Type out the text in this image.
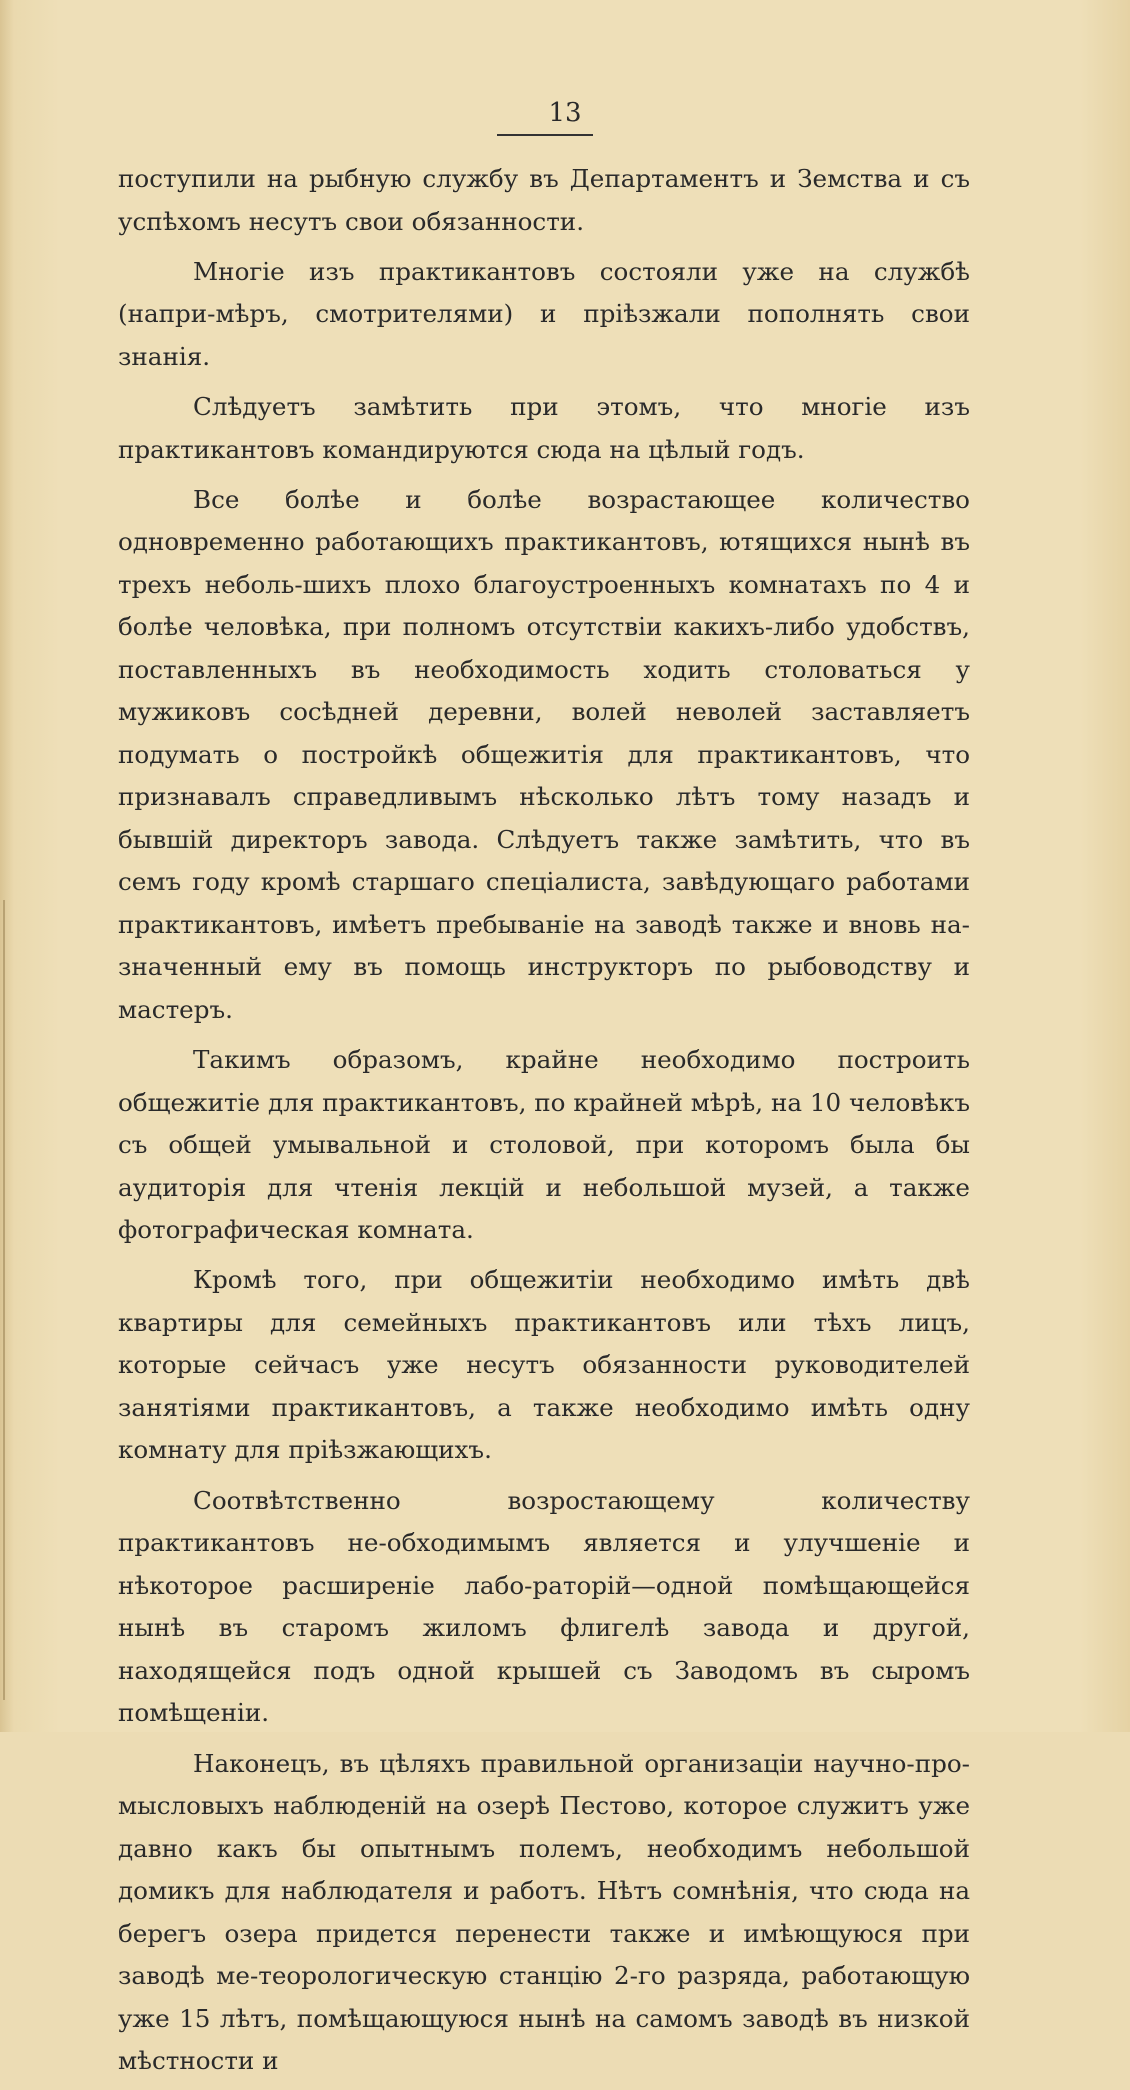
13

поступили на рыбную службу въ Департаментъ и Земства и съ успѣхомъ несутъ свои обязанности.

Многіе изъ практикантовъ состояли уже на службѣ (напри-мѣръ, смотрителями) и пріѣзжали пополнять свои знанія.

Слѣдуетъ замѣтить при этомъ, что многіе изъ практикантовъ командируются сюда на цѣлый годъ.

Все болѣе и болѣе возрастающее количество одновременно работающихъ практикантовъ, ютящихся нынѣ въ трехъ неболь-шихъ плохо благоустроенныхъ комнатахъ по 4 и болѣе человѣка, при полномъ отсутствіи какихъ-либо удобствъ, поставленныхъ въ необходимость ходить столоваться у мужиковъ сосѣдней деревни, волей неволей заставляетъ подумать о постройкѣ общежитія для практикантовъ, что признавалъ справедливымъ нѣсколько лѣтъ тому назадъ и бывшій директоръ завода. Слѣдуетъ также замѣтить, что въ семъ году кромѣ старшаго спеціалиста, завѣдующаго работами практикантовъ, имѣетъ пребываніе на заводѣ также и вновь на-значенный ему въ помощь инструкторъ по рыбоводству и мастеръ.

Такимъ образомъ, крайне необходимо построить общежитіе для практикантовъ, по крайней мѣрѣ, на 10 человѣкъ съ общей умывальной и столовой, при которомъ была бы аудиторія для чтенія лекцій и небольшой музей, а также фотографическая комната.

Кромѣ того, при общежитіи необходимо имѣть двѣ квартиры для семейныхъ практикантовъ или тѣхъ лицъ, которые сейчасъ уже несутъ обязанности руководителей занятіями практикантовъ, а также необходимо имѣть одну комнату для пріѣзжающихъ.

Соотвѣтственно возростающему количеству практикантовъ не-обходимымъ является и улучшеніе и нѣкоторое расширеніе лабо-раторій—одной помѣщающейся нынѣ въ старомъ жиломъ флигелѣ завода и другой, находящейся подъ одной крышей съ Заводомъ въ сыромъ помѣщеніи.

Наконецъ, въ цѣляхъ правильной организаціи научно-про-мысловыхъ наблюденій на озерѣ Пестово, которое служитъ уже давно какъ бы опытнымъ полемъ, необходимъ небольшой домикъ для наблюдателя и работъ. Нѣтъ сомнѣнія, что сюда на берегъ озера придется перенести также и имѣющуюся при заводѣ ме-теорологическую станцію 2-го разряда, работающую уже 15 лѣтъ, помѣщающуюся нынѣ на самомъ заводѣ въ низкой мѣстности и
